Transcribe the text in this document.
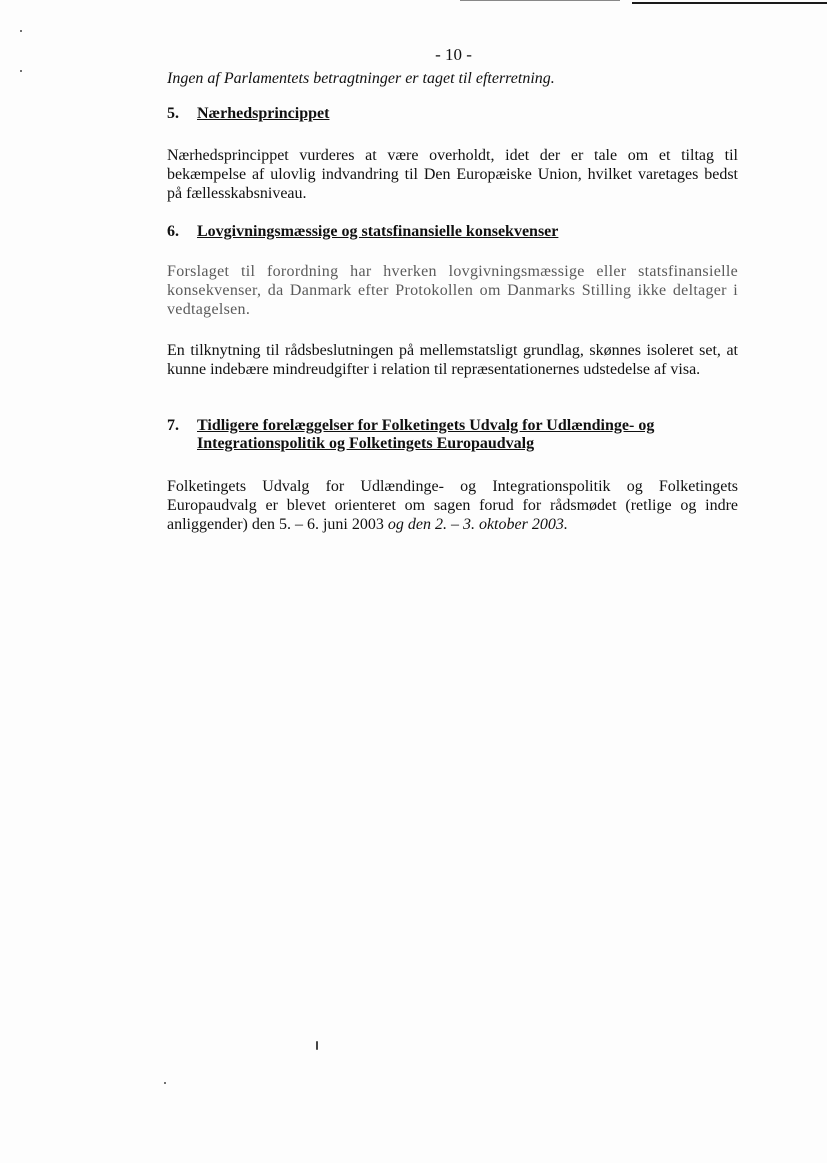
- 10 -
Ingen af Parlamentets betragtninger er taget til efterretning.
5. Nærhedsprincippet
Nærhedsprincippet vurderes at være overholdt, idet der er tale om et tiltag til bekæmpelse af ulovlig indvandring til Den Europæiske Union, hvilket varetages bedst på fællesskabsniveau.
6. Lovgivningsmæssige og statsfinansielle konsekvenser
Forslaget til forordning har hverken lovgivningsmæssige eller statsfinansielle konsekvenser, da Danmark efter Protokollen om Danmarks Stilling ikke deltager i vedtagelsen.
En tilknytning til rådsbeslutningen på mellemstatsligt grundlag, skønnes isoleret set, at kunne indebære mindreudgifter i relation til repræsentationernes udstedelse af visa.
7. Tidligere forelæggelser for Folketingets Udvalg for Udlændinge- og Integrationspolitik og Folketingets Europaudvalg
Folketingets Udvalg for Udlændinge- og Integrationspolitik og Folketingets Europaudvalg er blevet orienteret om sagen forud for rådsmødet (retlige og indre anliggender) den 5. – 6. juni 2003 og den 2. – 3. oktober 2003.
